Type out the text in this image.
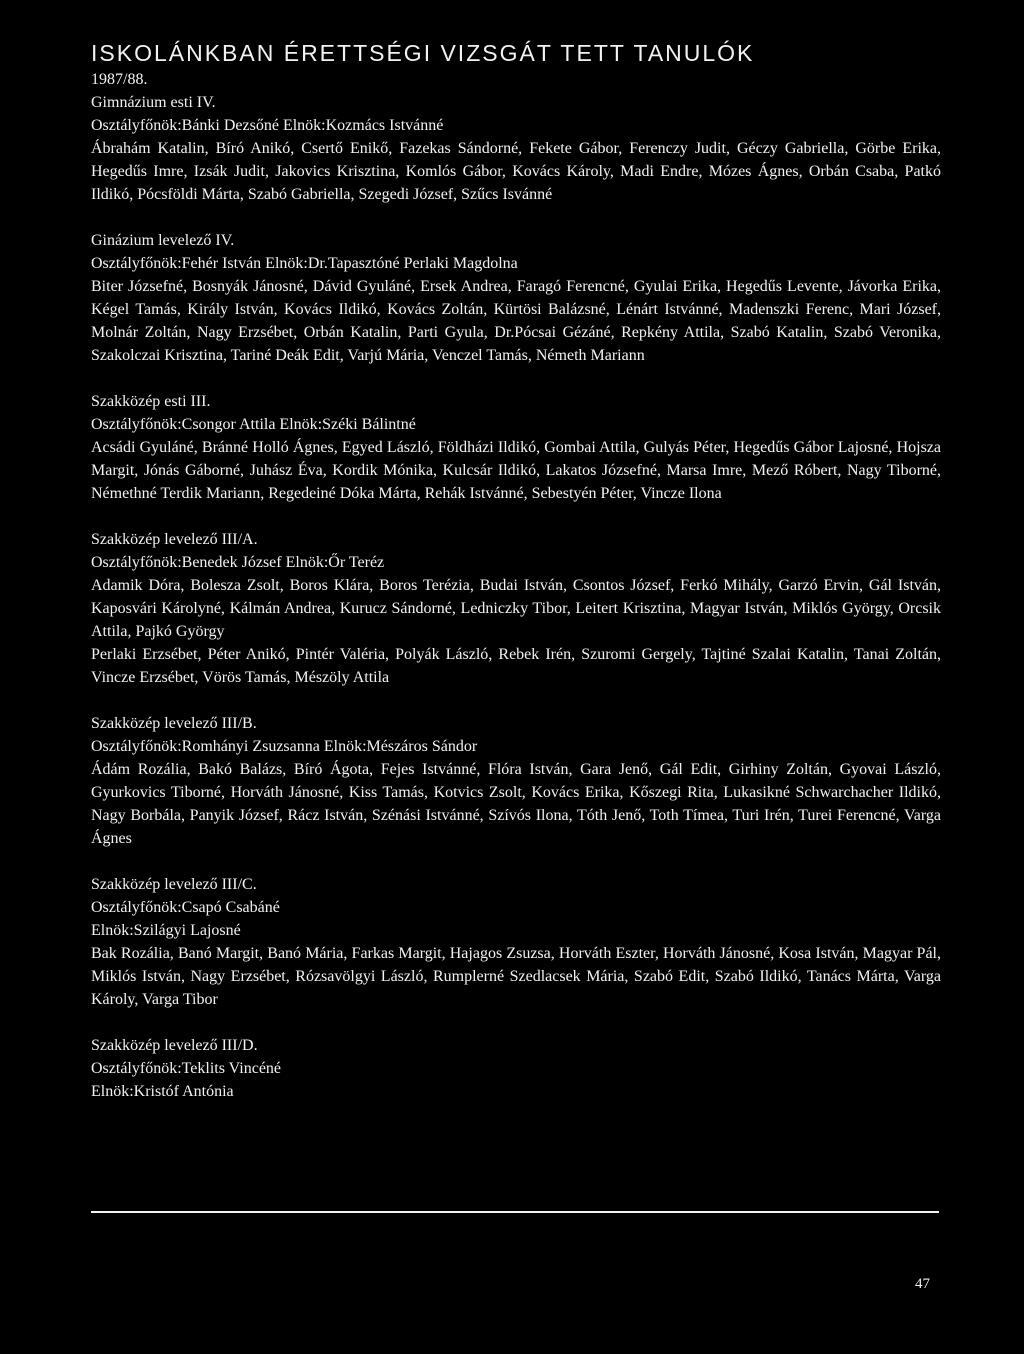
ISKOLÁNKBAN ÉRETTSÉGI VIZSGÁT TETT TANULÓK
1987/88.
Gimnázium esti IV.
Osztályfőnök:Bánki Dezsőné Elnök:Kozmács Istvánné
Ábrahám Katalin, Bíró Anikó, Csertő Enikő, Fazekas Sándorné, Fekete Gábor, Ferenczy Judit, Géczy Gabriella, Görbe Erika, Hegedűs Imre, Izsák Judit, Jakovics Krisztina, Komlós Gábor, Kovács Károly, Madi Endre, Mózes Ágnes, Orbán Csaba, Patkó Ildikó, Pócsföldi Márta, Szabó Gabriella, Szegedi József, Szűcs Isvánné
Ginázium levelező IV.
Osztályfőnök:Fehér István Elnök:Dr.Tapasztóné Perlaki Magdolna
Biter Józsefné, Bosnyák Jánosné, Dávid Gyuláné, Ersek Andrea, Faragó Ferencné, Gyulai Erika, Hegedűs Levente, Jávorka Erika, Kégel Tamás, Király István, Kovács Ildikó, Kovács Zoltán, Kürtösi Balázsné, Lénárt Istvánné, Madenszki Ferenc, Mari József, Molnár Zoltán, Nagy Erzsébet, Orbán Katalin, Parti Gyula, Dr.Pócsai Gézáné, Repkény Attila, Szabó Katalin, Szabó Veronika, Szakolczai Krisztina, Tariné Deák Edit, Varjú Mária, Venczel Tamás, Németh Mariann
Szakközép esti III.
Osztályfőnök:Csongor Attila Elnök:Széki Bálintné
Acsádi Gyuláné, Bránné Holló Ágnes, Egyed László, Földházi Ildikó, Gombai Attila, Gulyás Péter, Hegedűs Gábor Lajosné, Hojsza Margit, Jónás Gáborné, Juhász Éva, Kordik Mónika, Kulcsár Ildikó, Lakatos Józsefné, Marsa Imre, Mező Róbert, Nagy Tiborné, Némethné Terdik Mariann, Regedeiné Dóka Márta, Rehák Istvánné, Sebestyén Péter, Vincze Ilona
Szakközép levelező III/A.
Osztályfőnök:Benedek József Elnök:Őr Teréz
Adamik Dóra, Bolesza Zsolt, Boros Klára, Boros Terézia, Budai István, Csontos József, Ferkó Mihály, Garzó Ervin, Gál István, Kaposvári Károlyné, Kálmán Andrea, Kurucz Sándorné, Ledniczky Tibor, Leitert Krisztina, Magyar István, Miklós György, Orcsik Attila, Pajkó György
Perlaki Erzsébet, Péter Anikó, Pintér Valéria, Polyák László, Rebek Irén, Szuromi Gergely, Tajtiné Szalai Katalin, Tanai Zoltán, Vincze Erzsébet, Vörös Tamás, Mészöly Attila
Szakközép levelező III/B.
Osztályfőnök:Romhányi Zsuzsanna Elnök:Mészáros Sándor
Ádám Rozália, Bakó Balázs, Bíró Ágota, Fejes Istvánné, Flóra István, Gara Jenő, Gál Edit, Girhiny Zoltán, Gyovai László, Gyurkovics Tiborné, Horváth Jánosné, Kiss Tamás, Kotvics Zsolt, Kovács Erika, Kőszegi Rita, Lukasikné Schwarchacher Ildikó, Nagy Borbála, Panyik József, Rácz István, Szénási Istvánné, Szívós Ilona, Tóth Jenő, Toth Tímea, Turi Irén, Turei Ferencné, Varga Ágnes
Szakközép levelező III/C.
Osztályfőnök:Csapó Csabáné
Elnök:Szilágyi Lajosné
Bak Rozália, Banó Margit, Banó Mária, Farkas Margit, Hajagos Zsuzsa, Horváth Eszter, Horváth Jánosné, Kosa István, Magyar Pál, Miklós István, Nagy Erzsébet, Rózsavölgyi László, Rumplerné Szedlacsek Mária, Szabó Edit, Szabó Ildikó, Tanács Márta, Varga Károly, Varga Tibor
Szakközép levelező III/D.
Osztályfőnök:Teklits Vincéné
Elnök:Kristóf Antónia
47
